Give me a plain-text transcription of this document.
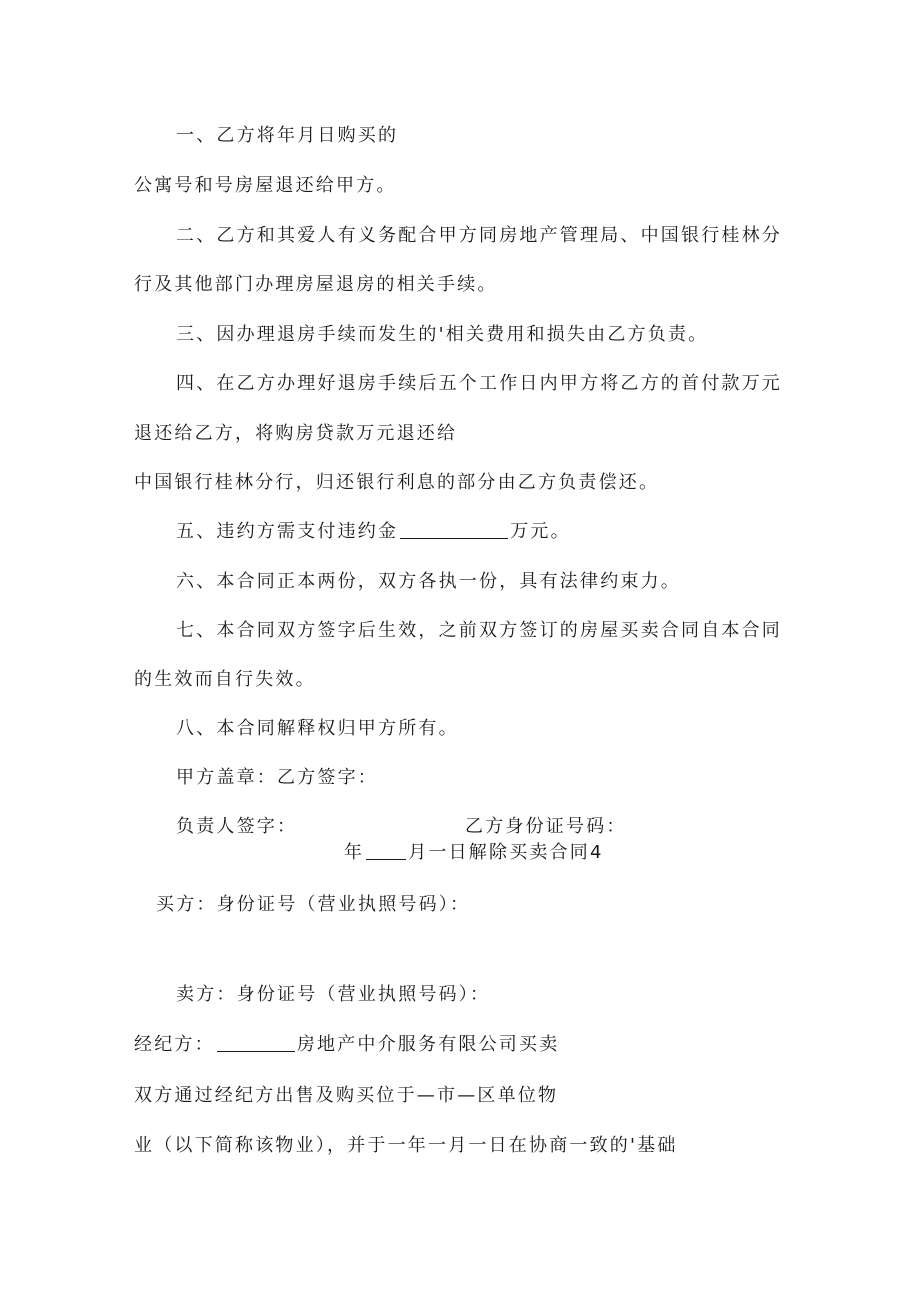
一、乙方将年月日购买的
公寓号和号房屋退还给甲方。
二、乙方和其爱人有义务配合甲方同房地产管理局、中国银行桂林分
行及其他部门办理房屋退房的相关手续。
三、因办理退房手续而发生的'相关费用和损失由乙方负责。
四、在乙方办理好退房手续后五个工作日内甲方将乙方的首付款万元
退还给乙方，将购房贷款万元退还给
中国银行桂林分行，归还银行利息的部分由乙方负责偿还。
五、违约方需支付违约金	万元。
六、本合同正本两份，双方各执一份，具有法律约束力。
七、本合同双方签字后生效，之前双方签订的房屋买卖合同自本合同
的生效而自行失效。
八、本合同解释权归甲方所有。
甲方盖章：乙方签字：
负责人签字：	乙方身份证号码：
年 月一日解除买卖合同4
买方：身份证号（营业执照号码）：
卖方：身份证号（营业执照号码）：
经纪方：	房地产中介服务有限公司买卖
双方通过经纪方出售及购买位于—市—区单位物
业（以下简称该物业），并于一年一月一日在协商一致的'基础
